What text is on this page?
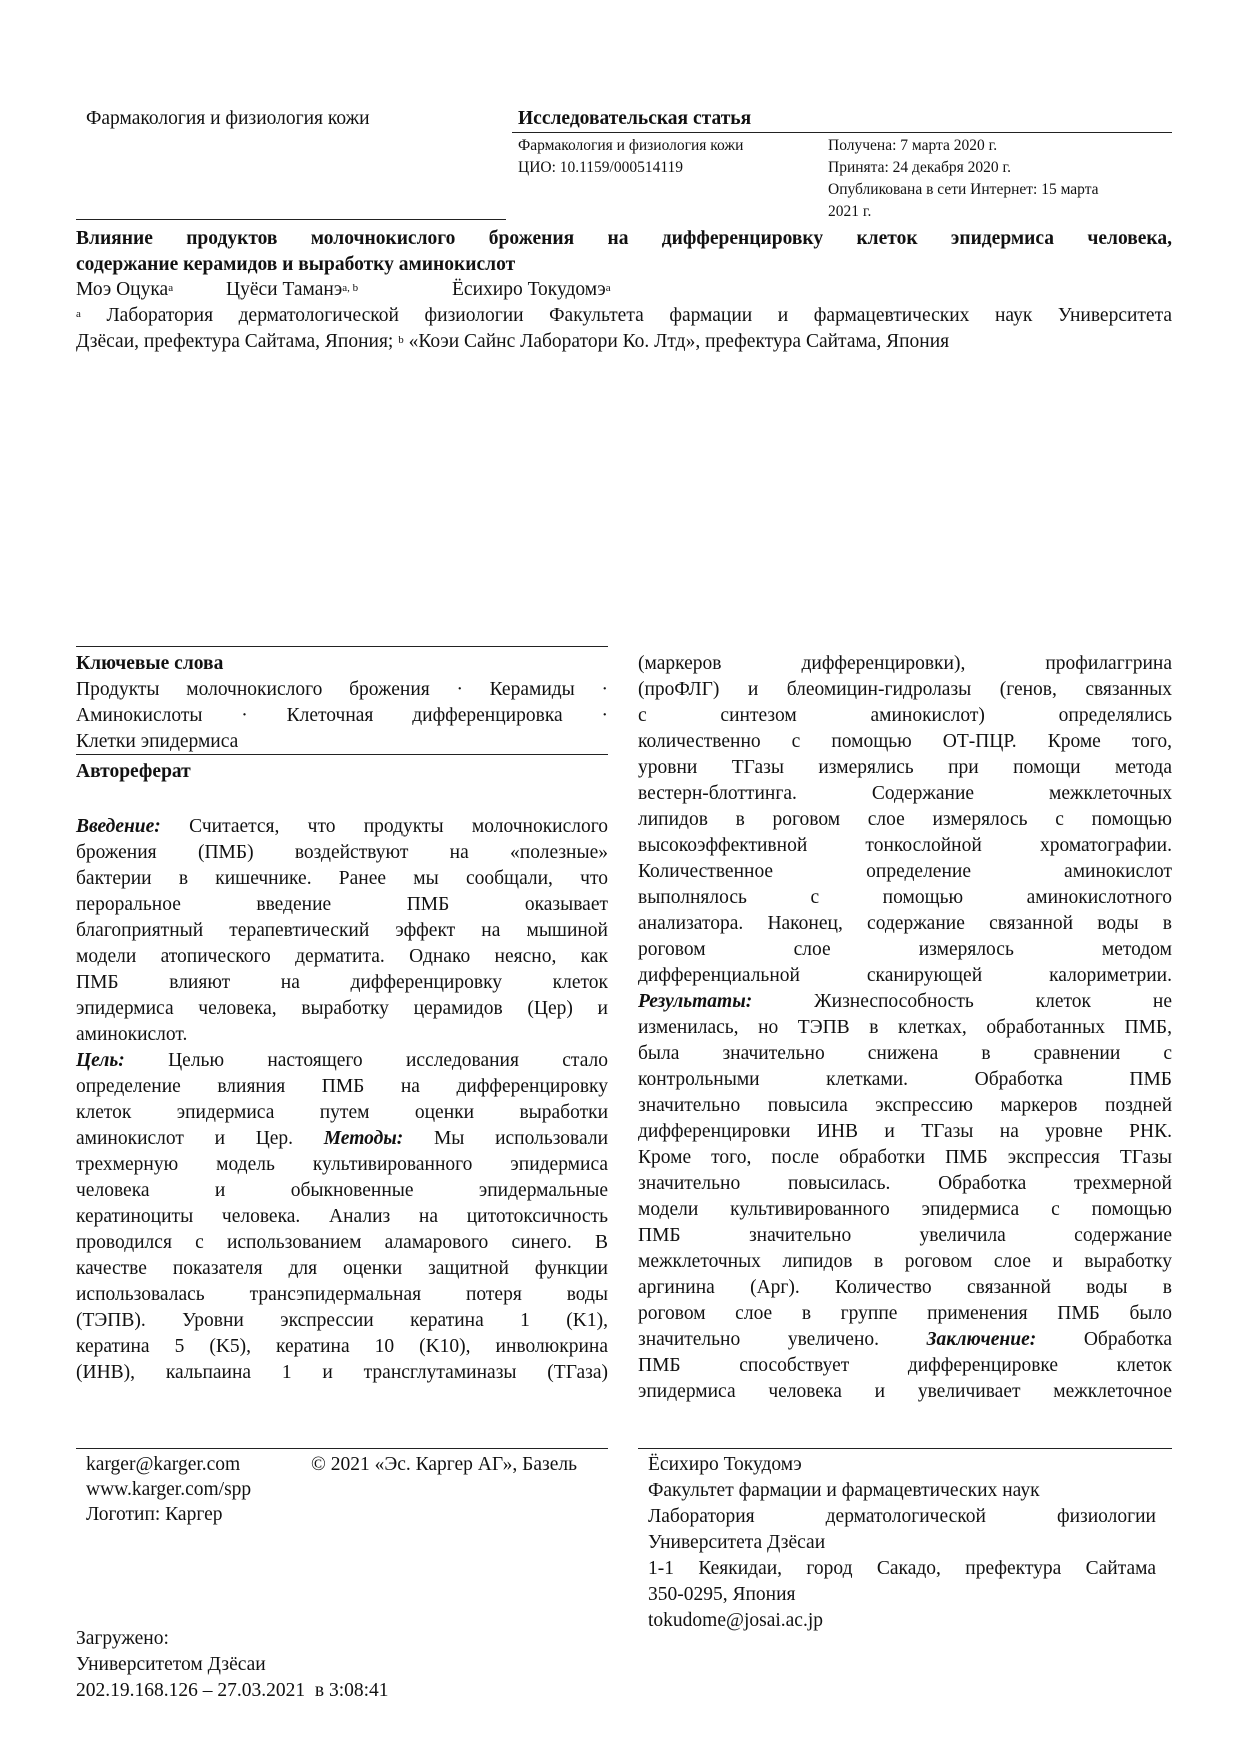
Фармакология и физиология кожи	Исследовательская статья
Фармакология и физиология кожи
ЦИО: 10.1159/000514119
Получена: 7 марта 2020 г.
Принята: 24 декабря 2020 г.
Опубликована в сети Интернет: 15 марта
2021 г.
Влияние продуктов молочнокислого брожения на дифференцировку клеток эпидермиса человека,
содержание керамидов и выработку аминокислот
Моэ Оцука$^a$	Цуёси Таманэ$^{a, b}$	Ёсихиро Токудомэ$^a$
$^a$ Лаборатория дерматологической физиологии Факультета фармации и фармацевтических наук Университета
Дзёсаи, префектура Сайтама, Япония; $^b$ «Коэи Сайнс Лаборатори Ко. Лтд», префектура Сайтама, Япония
Ключевые слова
Продукты молочнокислого брожения · Керамиды ·
Аминокислоты · Клеточная дифференцировка ·
Клетки эпидермиса
Автореферат
Введение: Считается, что продукты молочнокислого
брожения (ПМБ) воздействуют на «полезные»
бактерии в кишечнике. Ранее мы сообщали, что
пероральное введение ПМБ оказывает
благоприятный терапевтический эффект на мышиной
модели атопического дерматита. Однако неясно, как
ПМБ влияют на дифференцировку клеток
эпидермиса человека, выработку церамидов (Цер) и
аминокислот.
Цель: Целью настоящего исследования стало
определение влияния ПМБ на дифференцировку
клеток эпидермиса путем оценки выработки
аминокислот и Цер. Методы: Мы использовали
трехмерную модель культивированного эпидермиса
человека и обыкновенные эпидермальные
кератиноциты человека. Анализ на цитотоксичность
проводился с использованием аламарового синего. В
качестве показателя для оценки защитной функции
использовалась трансэпидермальная потеря воды
(ТЭПВ). Уровни экспрессии кератина 1 (K1),
кератина 5 (K5), кератина 10 (K10), инволюкрина
(ИНВ), кальпаина 1 и трансглутаминазы (ТГаза)
(маркеров дифференцировки), профилаггрина
(проФЛГ) и блеомицин-гидролазы (генов, связанных
с синтезом аминокислот) определялись
количественно с помощью ОТ-ПЦР. Кроме того,
уровни ТГазы измерялись при помощи метода
вестерн-блоттинга. Содержание межклеточных
липидов в роговом слое измерялось с помощью
высокоэффективной тонкослойной хроматографии.
Количественное определение аминокислот
выполнялось с помощью аминокислотного
анализатора. Наконец, содержание связанной воды в
роговом слое измерялось методом
дифференциальной сканирующей калориметрии.
Результаты:	Жизнеспособность клеток не
изменилась, но ТЭПВ в клетках, обработанных ПМБ,
была значительно снижена в сравнении с
контрольными клетками. Обработка ПМБ
значительно повысила экспрессию маркеров поздней
дифференцировки ИНВ и ТГазы на уровне РНК.
Кроме того, после обработки ПМБ экспрессия ТГазы
значительно повысилась. Обработка трехмерной
модели культивированного эпидермиса с помощью
ПМБ значительно увеличила содержание
межклеточных липидов в роговом слое и выработку
аргинина (Арг). Количество связанной воды в
роговом слое в группе применения ПМБ было
значительно увеличено. Заключение: Обработка
ПМБ способствует дифференцировке клеток
эпидермиса человека и увеличивает межклеточное
karger@karger.com	© 2021 «Эс. Каргер АГ», Базель
www.karger.com/spp
Логотип: Каргер
Ёсихиро Токудомэ
Факультет фармации и фармацевтических наук
Лаборатория дерматологической физиологии
Университета Дзёсаи
1-1 Кеякидаи, город Сакадо, префектура Сайтама
350-0295, Япония
tokudome@josai.ac.jp
Загружено:
Университетом Дзёсаи
202.19.168.126 – 27.03.2021  в 3:08:41
